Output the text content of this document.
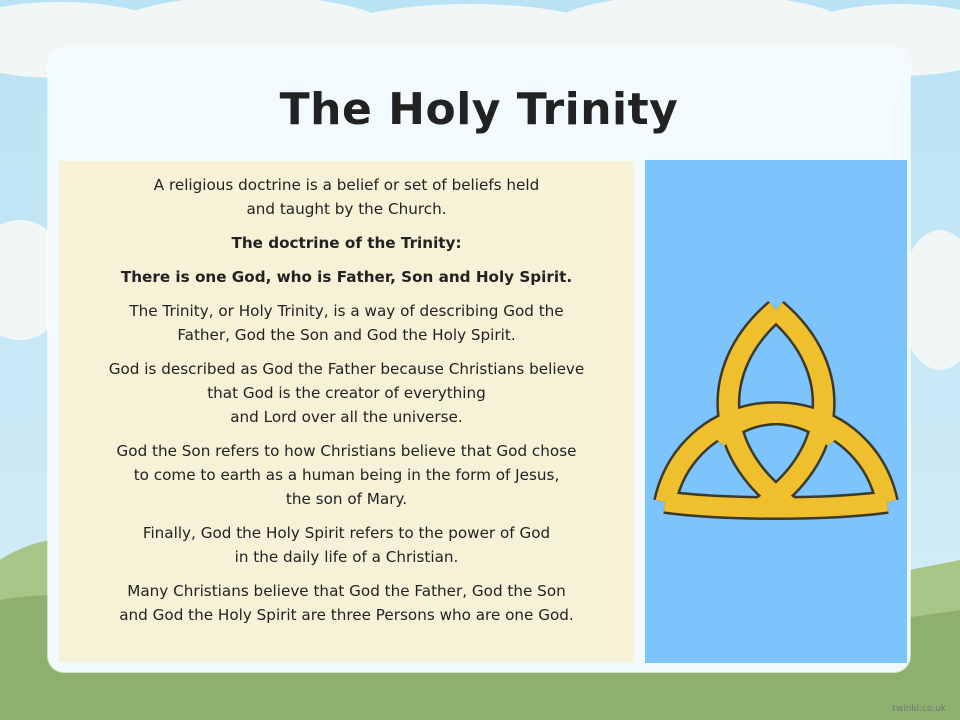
The Holy Trinity

A religious doctrine is a belief or set of beliefs held
and taught by the Church.

The doctrine of the Trinity:

There is one God, who is Father, Son and Holy Spirit.

The Trinity, or Holy Trinity, is a way of describing God the
Father, God the Son and God the Holy Spirit.

God is described as God the Father because Christians believe
that God is the creator of everything
and Lord over all the universe.

God the Son refers to how Christians believe that God chose
to come to earth as a human being in the form of Jesus,
the son of Mary.

Finally, God the Holy Spirit refers to the power of God
in the daily life of a Christian.

Many Christians believe that God the Father, God the Son
and God the Holy Spirit are three Persons who are one God.

twinkl.co.uk
